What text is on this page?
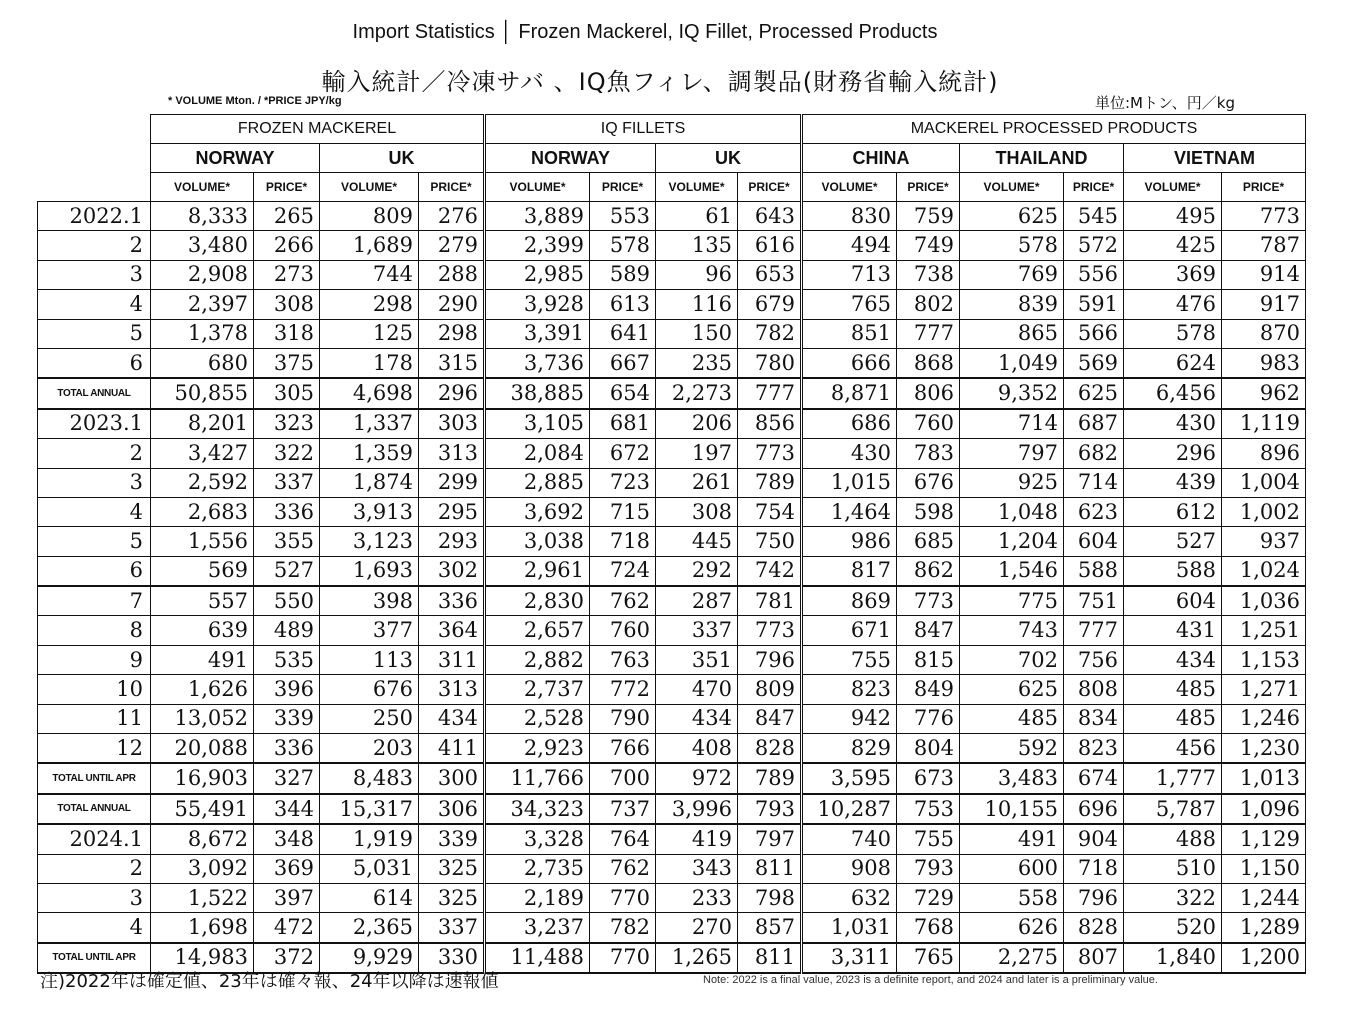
Import Statistics │ Frozen Mackerel, IQ Fillet, Processed Products
輸入統計／冷凍サバ 、IQ魚フィレ、調製品(財務省輸入統計)
* VOLUME Mton. / *PRICE JPY/kg	単位:Mトン、円／kg
	FROZEN MACKEREL				IQ FILLETS				MACKEREL PROCESSED PRODUCTS					
	NORWAY		UK		NORWAY		UK		CHINA		THAILAND		VIETNAM	
	VOLUME*	PRICE*	VOLUME*	PRICE*	VOLUME*	PRICE*	VOLUME*	PRICE*	VOLUME*	PRICE*	VOLUME*	PRICE*	VOLUME*	PRICE*
2022.1	8,333	265	809	276	3,889	553	61	643	830	759	625	545	495	773
2	3,480	266	1,689	279	2,399	578	135	616	494	749	578	572	425	787
3	2,908	273	744	288	2,985	589	96	653	713	738	769	556	369	914
4	2,397	308	298	290	3,928	613	116	679	765	802	839	591	476	917
5	1,378	318	125	298	3,391	641	150	782	851	777	865	566	578	870
6	680	375	178	315	3,736	667	235	780	666	868	1,049	569	624	983
TOTAL ANNUAL	50,855	305	4,698	296	38,885	654	2,273	777	8,871	806	9,352	625	6,456	962
2023.1	8,201	323	1,337	303	3,105	681	206	856	686	760	714	687	430	1,119
2	3,427	322	1,359	313	2,084	672	197	773	430	783	797	682	296	896
3	2,592	337	1,874	299	2,885	723	261	789	1,015	676	925	714	439	1,004
4	2,683	336	3,913	295	3,692	715	308	754	1,464	598	1,048	623	612	1,002
5	1,556	355	3,123	293	3,038	718	445	750	986	685	1,204	604	527	937
6	569	527	1,693	302	2,961	724	292	742	817	862	1,546	588	588	1,024
7	557	550	398	336	2,830	762	287	781	869	773	775	751	604	1,036
8	639	489	377	364	2,657	760	337	773	671	847	743	777	431	1,251
9	491	535	113	311	2,882	763	351	796	755	815	702	756	434	1,153
10	1,626	396	676	313	2,737	772	470	809	823	849	625	808	485	1,271
11	13,052	339	250	434	2,528	790	434	847	942	776	485	834	485	1,246
12	20,088	336	203	411	2,923	766	408	828	829	804	592	823	456	1,230
TOTAL UNTIL APR	16,903	327	8,483	300	11,766	700	972	789	3,595	673	3,483	674	1,777	1,013
TOTAL ANNUAL	55,491	344	15,317	306	34,323	737	3,996	793	10,287	753	10,155	696	5,787	1,096
2024.1	8,672	348	1,919	339	3,328	764	419	797	740	755	491	904	488	1,129
2	3,092	369	5,031	325	2,735	762	343	811	908	793	600	718	510	1,150
3	1,522	397	614	325	2,189	770	233	798	632	729	558	796	322	1,244
4	1,698	472	2,365	337	3,237	782	270	857	1,031	768	626	828	520	1,289
TOTAL UNTIL APR	14,983	372	9,929	330	11,488	770	1,265	811	3,311	765	2,275	807	1,840	1,200
注)2022年は確定値、23年は確々報、24年以降は速報値	Note: 2022 is a final value, 2023 is a definite report, and 2024 and later is a preliminary value.
